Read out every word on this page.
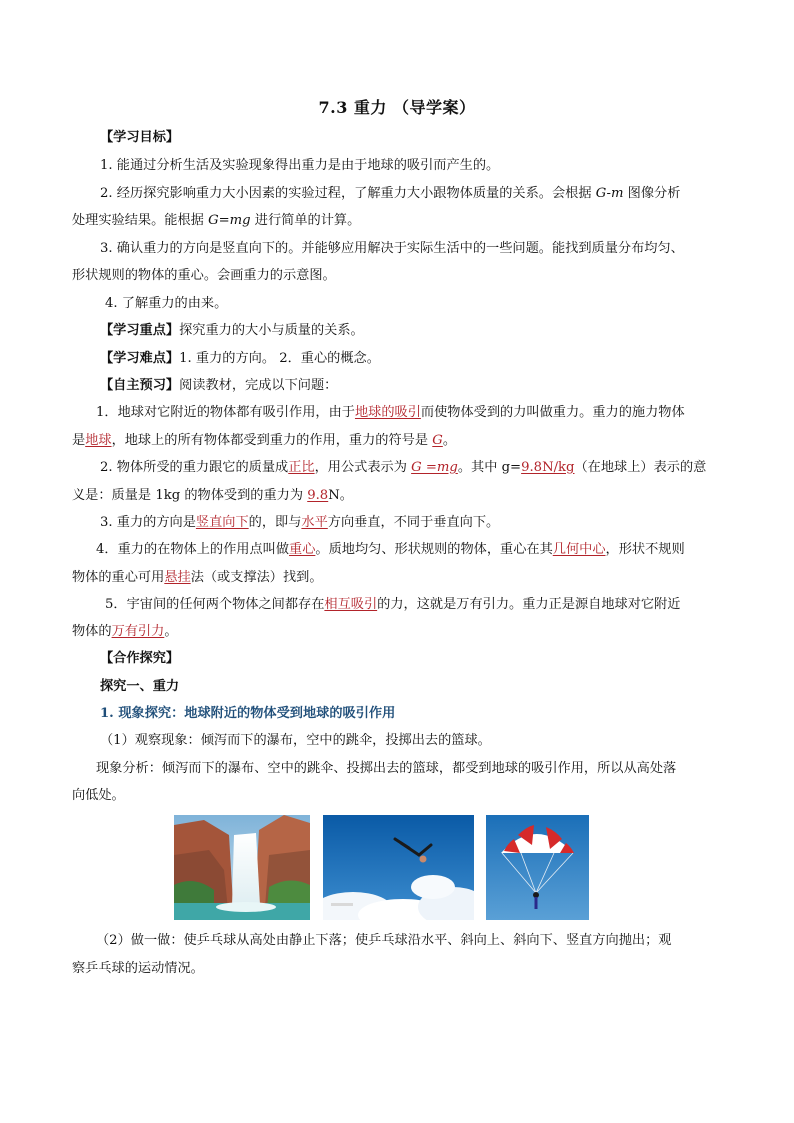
7.3 重力 （导学案）
【学习目标】
1. 能通过分析生活及实验现象得出重力是由于地球的吸引而产生的。
2. 经历探究影响重力大小因素的实验过程，了解重力大小跟物体质量的关系。会根据 G-m 图像分析
处理实验结果。能根据 G=mg 进行简单的计算。
3. 确认重力的方向是竖直向下的。并能够应用解决于实际生活中的一些问题。能找到质量分布均匀、
形状规则的物体的重心。会画重力的示意图。
4. 了解重力的由来。
【学习重点】探究重力的大小与质量的关系。
【学习难点】1. 重力的方向。 2．重心的概念。
【自主预习】阅读教材，完成以下问题：
1．地球对它附近的物体都有吸引作用，由于地球的吸引而使物体受到的力叫做重力。重力的施力物体
是地球，地球上的所有物体都受到重力的作用，重力的符号是 G。
2. 物体所受的重力跟它的质量成正比，用公式表示为 G =mg。其中 g=9.8N/kg（在地球上）表示的意
义是：质量是 1kg 的物体受到的重力为 9.8N。
3. 重力的方向是竖直向下的，即与水平方向垂直，不同于垂直向下。
4．重力的在物体上的作用点叫做重心。质地均匀、形状规则的物体，重心在其几何中心，形状不规则
物体的重心可用悬挂法（或支撑法）找到。
5．宇宙间的任何两个物体之间都存在相互吸引的力，这就是万有引力。重力正是源自地球对它附近
物体的万有引力。
【合作探究】
探究一、重力
1. 现象探究：地球附近的物体受到地球的吸引作用
（1）观察现象：倾泻而下的瀑布，空中的跳伞，投掷出去的篮球。
现象分析：倾泻而下的瀑布、空中的跳伞、投掷出去的篮球，都受到地球的吸引作用，所以从高处落
向低处。
（2）做一做：使乒乓球从高处由静止下落；使乒乓球沿水平、斜向上、斜向下、竖直方向抛出；观
察乒乓球的运动情况。
